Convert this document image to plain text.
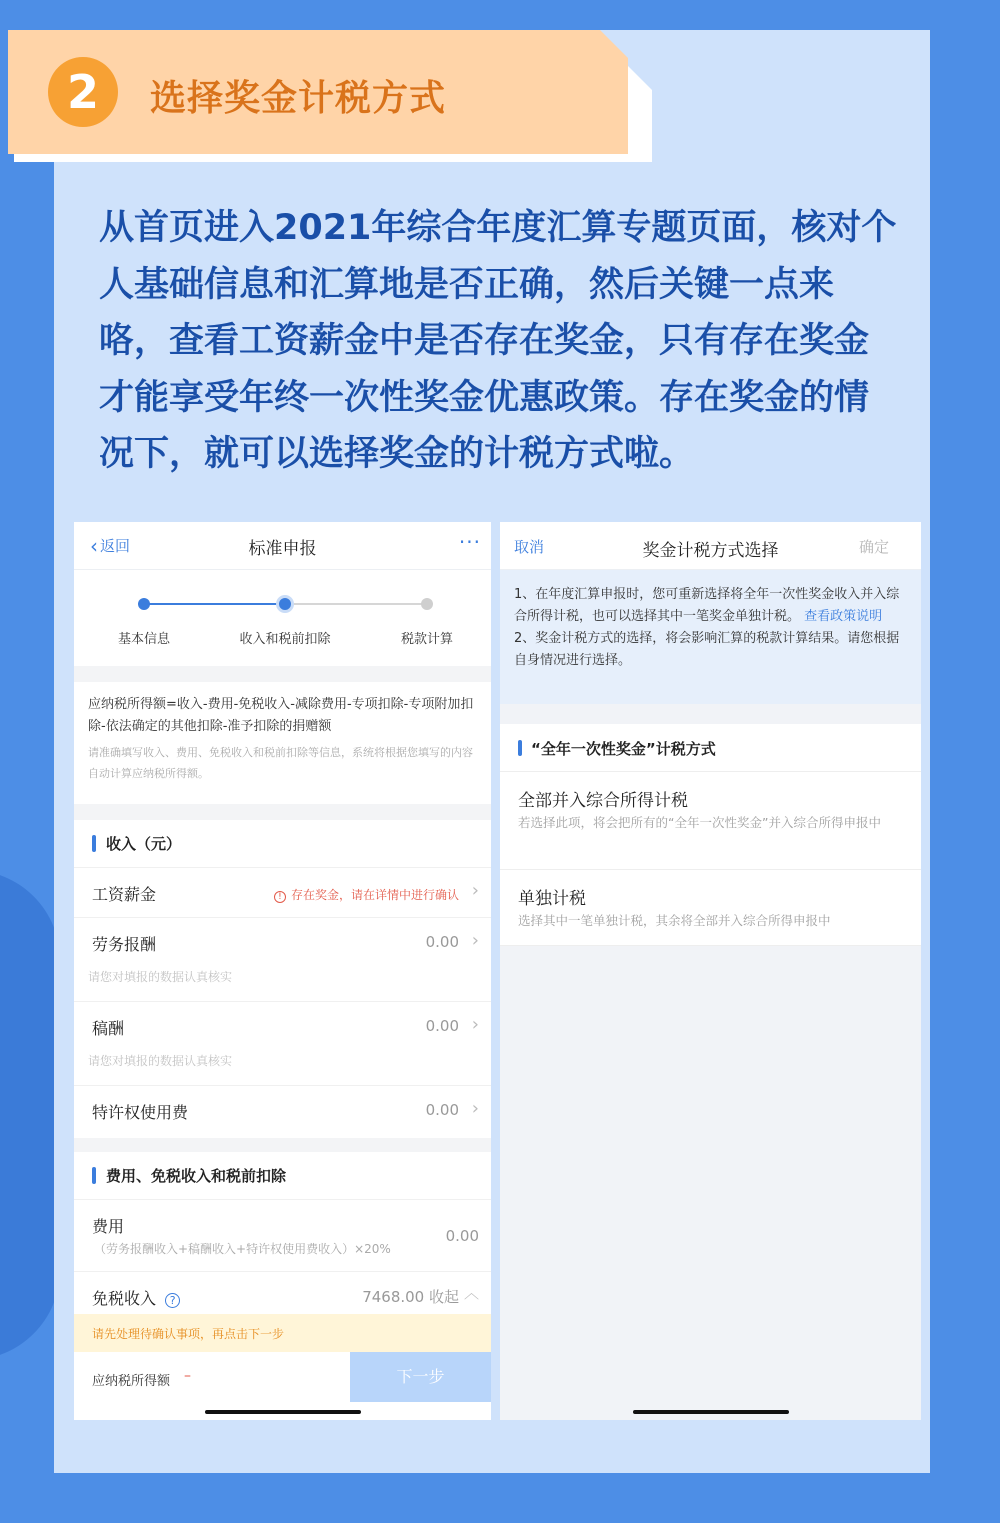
2	选择奖金计税方式
从首页进入2021年综合年度汇算专题页面，核对个人基础信息和汇算地是否正确，然后关键一点来咯，查看工资薪金中是否存在奖金，只有存在奖金才能享受年终一次性奖金优惠政策。存在奖金的情况下，就可以选择奖金的计税方式啦。
‹ 返回	标准申报	···
基本信息	收入和税前扣除	税款计算
应纳税所得额=收入-费用-免税收入-减除费用-专项扣除-专项附加扣除-依法确定的其他扣除-准予扣除的捐赠额
请准确填写收入、费用、免税收入和税前扣除等信息，系统将根据您填写的内容自动计算应纳税所得额。
收入（元）
工资薪金	! 存在奖金，请在详情中进行确认 ›
劳务报酬	0.00 ›
请您对填报的数据认真核实
稿酬	0.00 ›
请您对填报的数据认真核实
特许权使用费	0.00 ›
费用、免税收入和税前扣除
费用
（劳务报酬收入+稿酬收入+特许权使用费收入）×20%
0.00
免税收入 ?	7468.00 收起 ︿
请先处理待确认事项，再点击下一步
应纳税所得额 –	下一步
取消	奖金计税方式选择	确定
1、在年度汇算申报时，您可重新选择将全年一次性奖金收入并入综合所得计税，也可以选择其中一笔奖金单独计税。 查看政策说明
2、奖金计税方式的选择，将会影响汇算的税款计算结果。请您根据自身情况进行选择。
“全年一次性奖金”计税方式
全部并入综合所得计税
若选择此项，将会把所有的“全年一次性奖金”并入综合所得申报中
单独计税
选择其中一笔单独计税，其余将全部并入综合所得申报中
